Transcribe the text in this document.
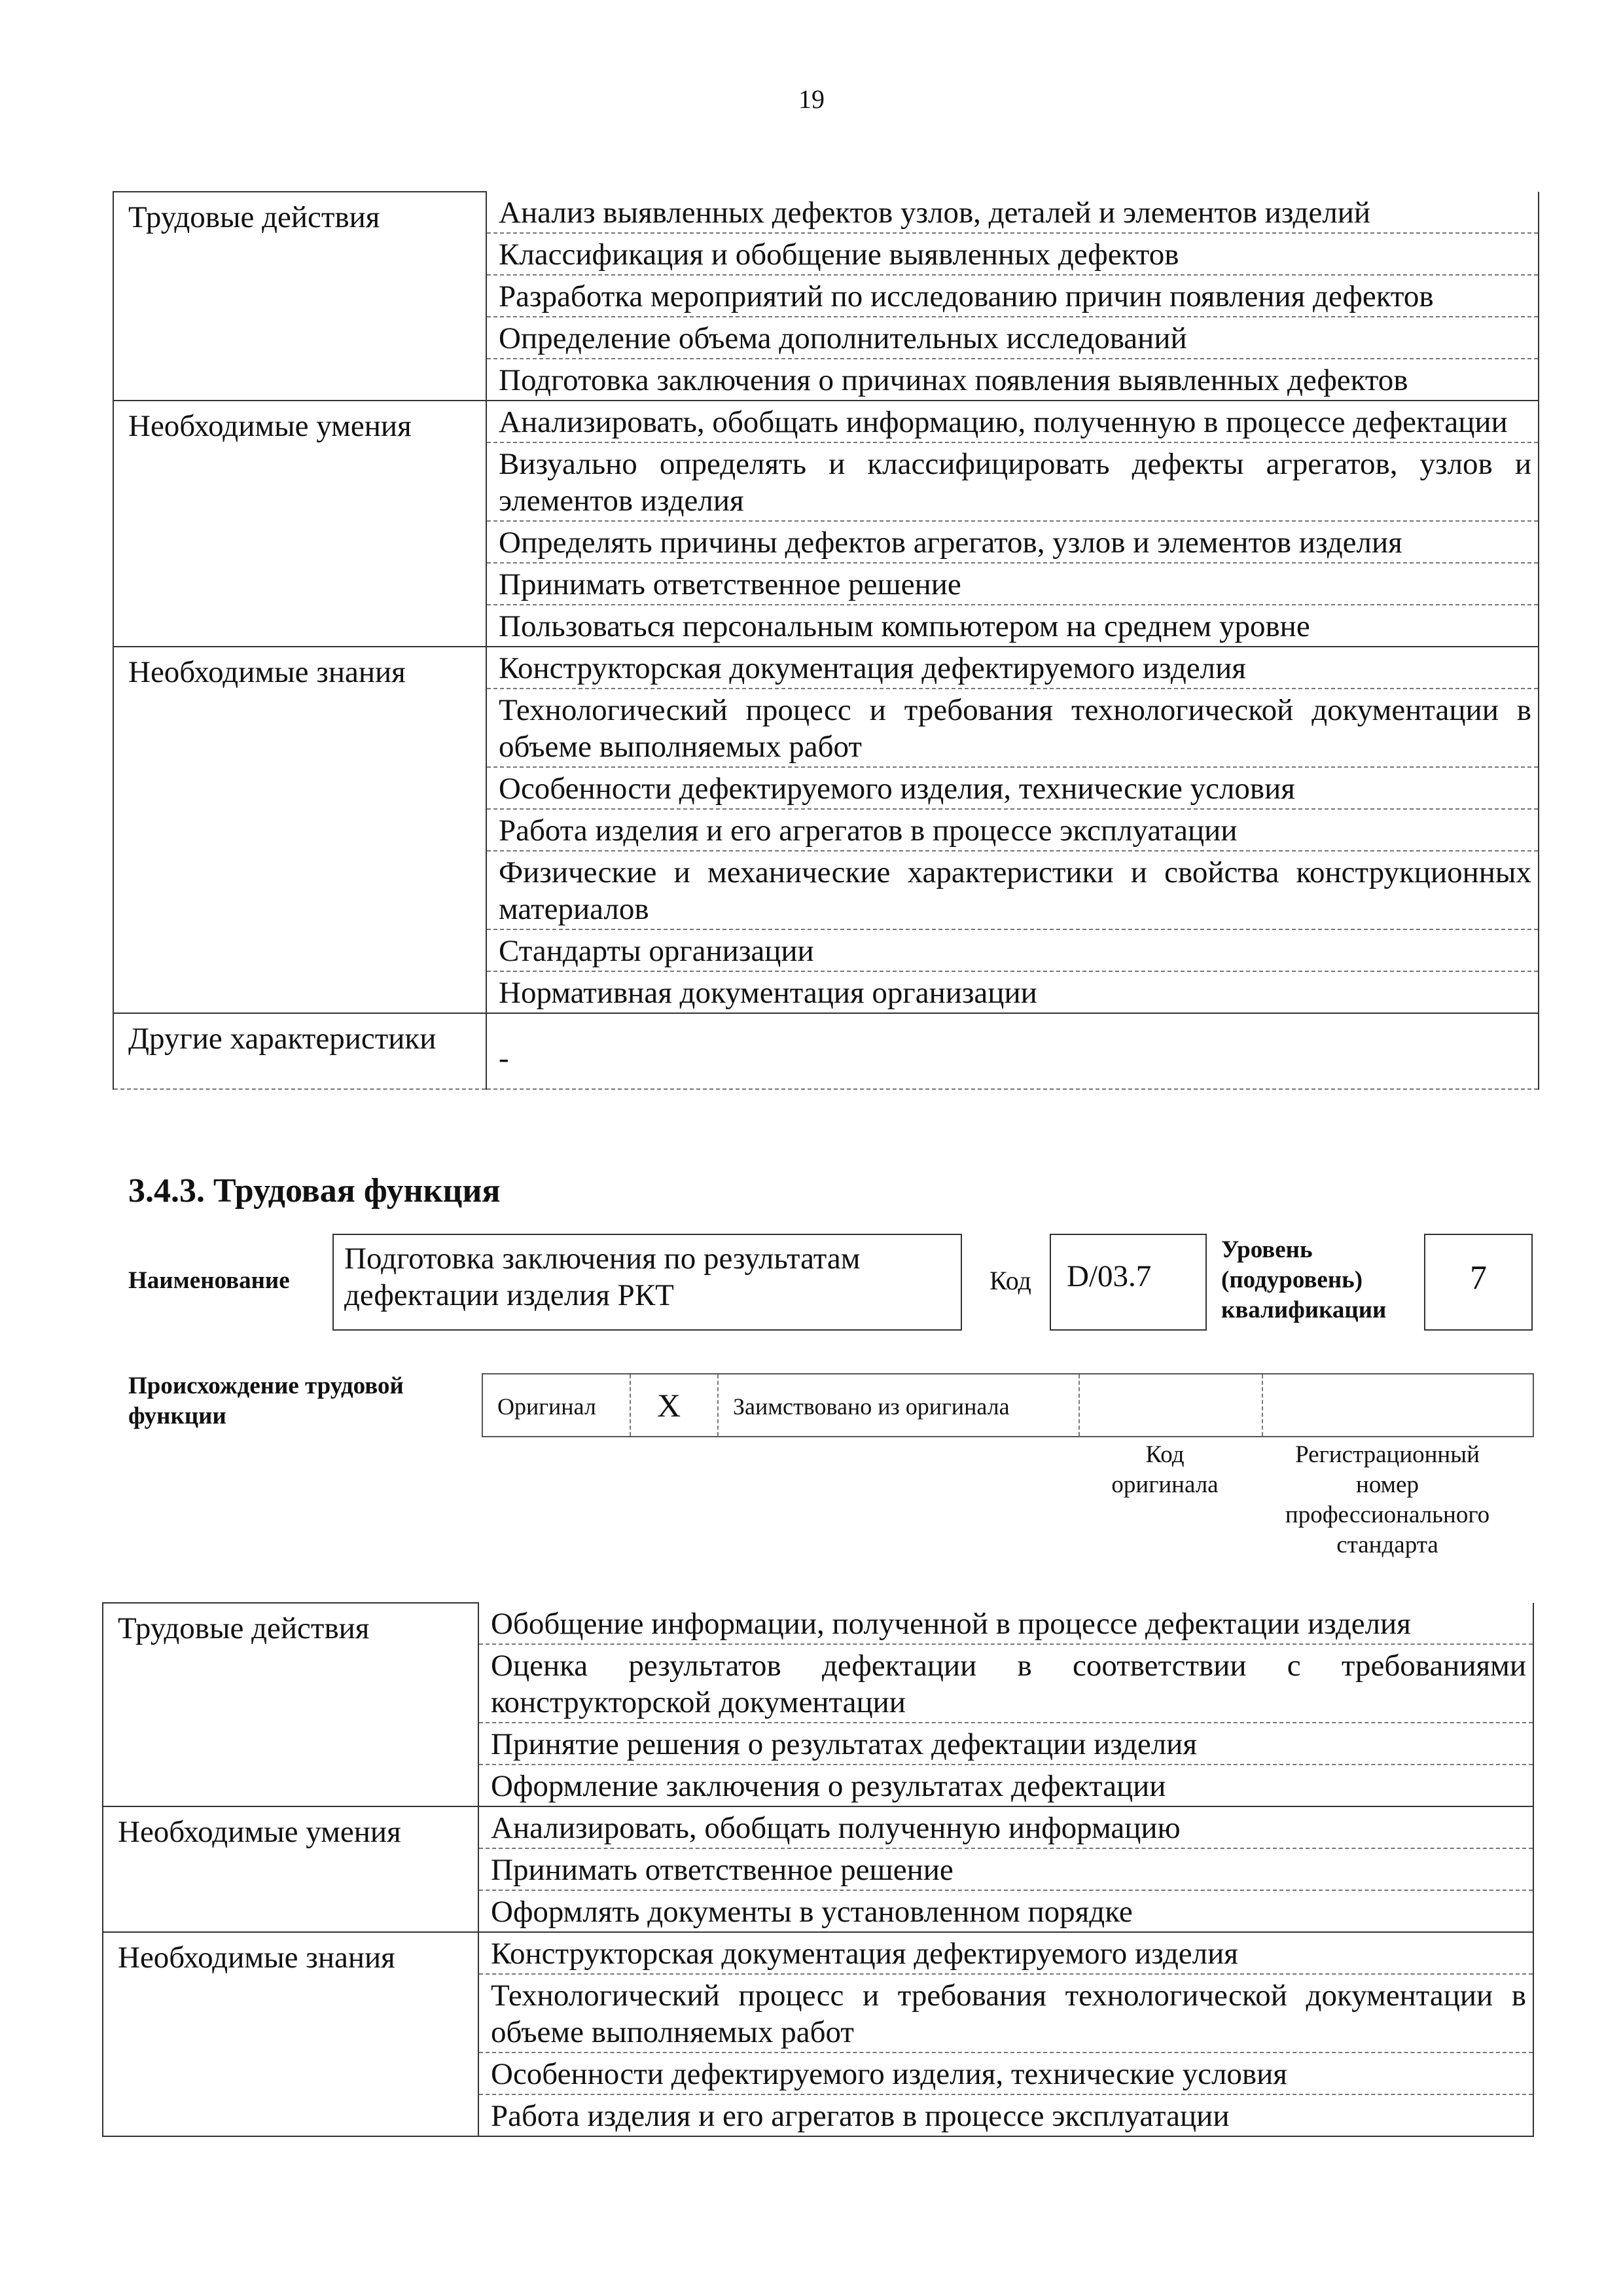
19
Трудовые действия	Анализ выявленных дефектов узлов, деталей и элементов изделий
	Классификация и обобщение выявленных дефектов
	Разработка мероприятий по исследованию причин появления дефектов
	Определение объема дополнительных исследований
	Подготовка заключения о причинах появления выявленных дефектов
Необходимые умения	Анализировать, обобщать информацию, полученную в процессе дефектации
	Визуально определять и классифицировать дефекты агрегатов, узлов и элементов изделия
	Определять причины дефектов агрегатов, узлов и элементов изделия
	Принимать ответственное решение
	Пользоваться персональным компьютером на среднем уровне
Необходимые знания	Конструкторская документация дефектируемого изделия
	Технологический процесс и требования технологической документации в объеме выполняемых работ
	Особенности дефектируемого изделия, технические условия
	Работа изделия и его агрегатов в процессе эксплуатации
	Физические и механические характеристики и свойства конструкционных материалов
	Стандарты организации
	Нормативная документация организации
Другие характеристики	-
3.4.3. Трудовая функция
Наименование
Подготовка заключения по результатам дефектации изделия РКТ	Код	D/03.7
Уровень
(подуровень)
квалификации
7
Происхождение трудовой
функции	Оригинал	X	Заимствовано из оригинала
Код
оригинала
Регистрационный
номер
профессионального
стандарта
Трудовые действия	Обобщение информации, полученной в процессе дефектации изделия
	Оценка результатов дефектации в соответствии с требованиями конструкторской документации
	Принятие решения о результатах дефектации изделия
	Оформление заключения о результатах дефектации
Необходимые умения	Анализировать, обобщать полученную информацию
	Принимать ответственное решение
	Оформлять документы в установленном порядке
Необходимые знания	Конструкторская документация дефектируемого изделия
	Технологический процесс и требования технологической документации в объеме выполняемых работ
	Особенности дефектируемого изделия, технические условия
	Работа изделия и его агрегатов в процессе эксплуатации
